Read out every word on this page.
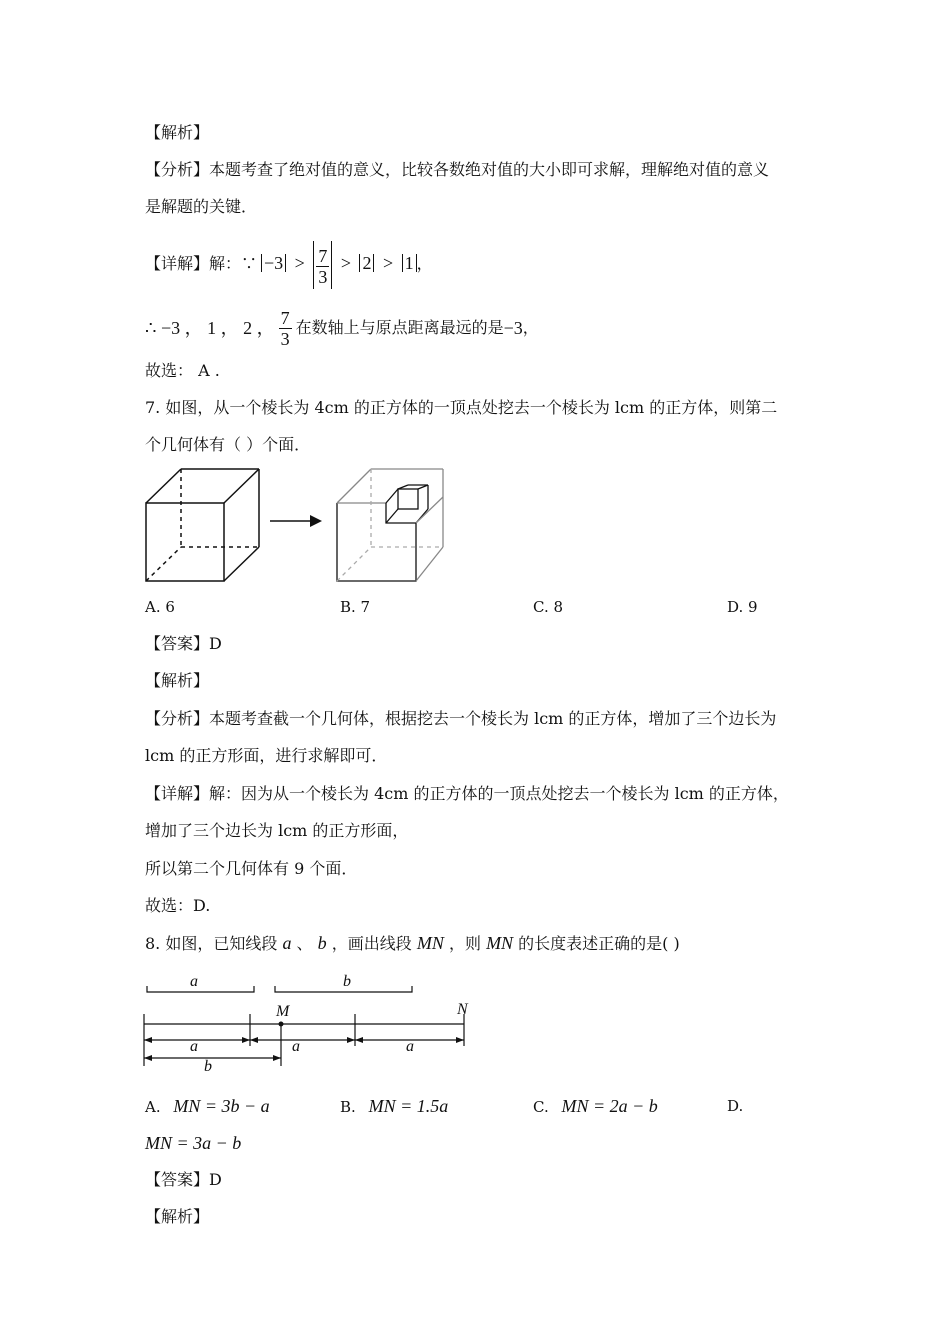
【解析】
【分析】本题考查了绝对值的意义，比较各数绝对值的大小即可求解，理解绝对值的意义
是解题的关键．
【详解】解：∵ $-3 > \frac{7}{3} > 2 > 1$ ，
∴ −3 ， 1 ， 2 ， $\frac{7}{3}$ 在数轴上与原点距离最远的是 −3 ，
故选： A .
7. 如图，从一个棱长为 4cm 的正方体的一顶点处挖去一个棱长为 lcm 的正方体，则第二
个几何体有（ ）个面．
A. 6	B. 7	C. 8	D. 9
【答案】D
【解析】
【分析】本题考查截一个几何体，根据挖去一个棱长为 lcm 的正方体，增加了三个边长为
lcm 的正方形面，进行求解即可．
【详解】解：因为从一个棱长为 4cm 的正方体的一顶点处挖去一个棱长为 lcm 的正方体，
增加了三个边长为 lcm 的正方形面，
所以第二个几何体有 9 个面．
故选：D.
8. 如图，已知线段 a 、 b ，画出线段 MN ，则 MN 的长度表述正确的是( )
a	b
M	N
a	a	a
b
A. MN = 3b − a	B. MN = 1.5a	C. MN = 2a − b	D.
MN = 3a − b
【答案】D
【解析】
